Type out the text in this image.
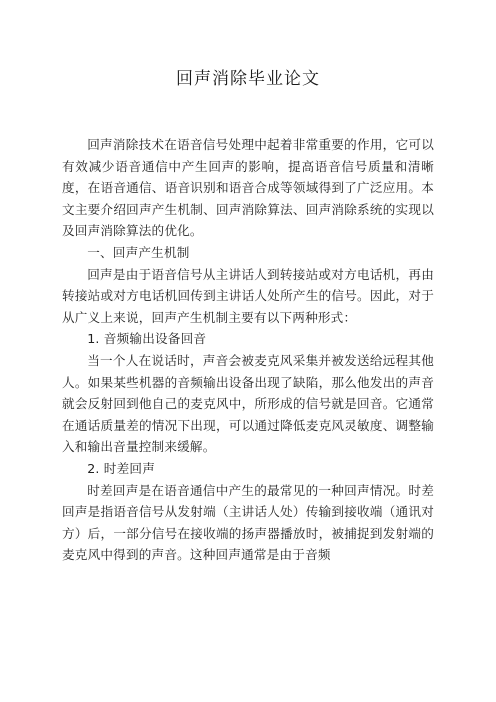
回声消除毕业论文

回声消除技术在语音信号处理中起着非常重要的作用，它可以有效减少语音通信中产生回声的影响，提高语音信号质量和清晰度，在语音通信、语音识别和语音合成等领域得到了广泛应用。本文主要介绍回声产生机制、回声消除算法、回声消除系统的实现以及回声消除算法的优化。

一、回声产生机制

回声是由于语音信号从主讲话人到转接站或对方电话机，再由转接站或对方电话机回传到主讲话人处所产生的信号。因此，对于从广义上来说，回声产生机制主要有以下两种形式：

1. 音频输出设备回音

当一个人在说话时，声音会被麦克风采集并被发送给远程其他人。如果某些机器的音频输出设备出现了缺陷，那么他发出的声音就会反射回到他自己的麦克风中，所形成的信号就是回音。它通常在通话质量差的情况下出现，可以通过降低麦克风灵敏度、调整输入和输出音量控制来缓解。

2. 时差回声

时差回声是在语音通信中产生的最常见的一种回声情况。时差回声是指语音信号从发射端（主讲话人处）传输到接收端（通讯对方）后，一部分信号在接收端的扬声器播放时，被捕捉到发射端的麦克风中得到的声音。这种回声通常是由于音频
